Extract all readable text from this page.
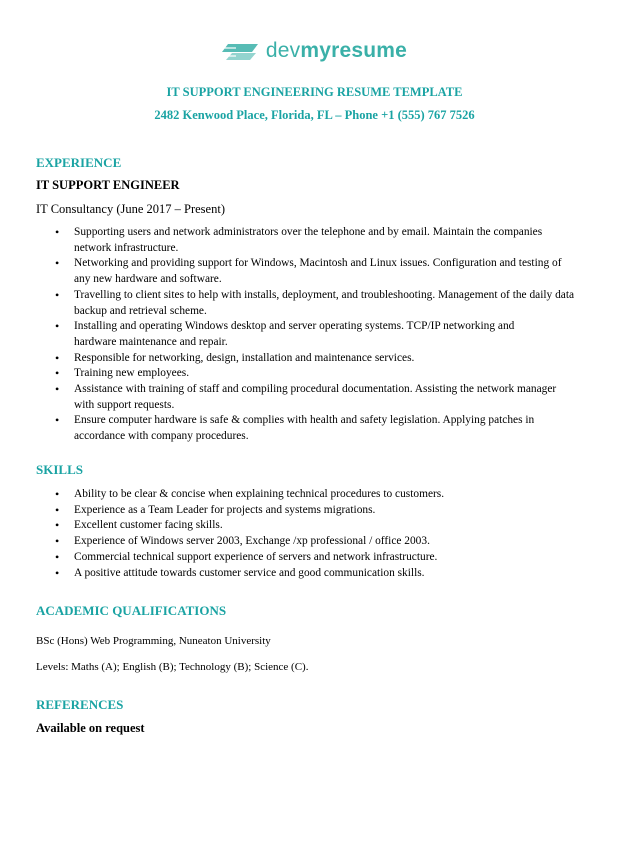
devmyresume
IT SUPPORT ENGINEERING RESUME TEMPLATE
2482 Kenwood Place, Florida, FL – Phone +1 (555) 767 7526
EXPERIENCE
IT SUPPORT ENGINEER
IT Consultancy (June 2017 – Present)
• Supporting users and network administrators over the telephone and by email. Maintain the companies
network infrastructure.
• Networking and providing support for Windows, Macintosh and Linux issues. Configuration and testing of
any new hardware and software.
• Travelling to client sites to help with installs, deployment, and troubleshooting. Management of the daily data
backup and retrieval scheme.
• Installing and operating Windows desktop and server operating systems. TCP/IP networking and
hardware maintenance and repair.
• Responsible for networking, design, installation and maintenance services.
• Training new employees.
• Assistance with training of staff and compiling procedural documentation. Assisting the network manager
with support requests.
• Ensure computer hardware is safe & complies with health and safety legislation. Applying patches in
accordance with company procedures.
SKILLS
• Ability to be clear & concise when explaining technical procedures to customers.
• Experience as a Team Leader for projects and systems migrations.
• Excellent customer facing skills.
• Experience of Windows server 2003, Exchange /xp professional / office 2003.
• Commercial technical support experience of servers and network infrastructure.
• A positive attitude towards customer service and good communication skills.
ACADEMIC QUALIFICATIONS
BSc (Hons) Web Programming, Nuneaton University
Levels: Maths (A); English (B); Technology (B); Science (C).
REFERENCES
Available on request
